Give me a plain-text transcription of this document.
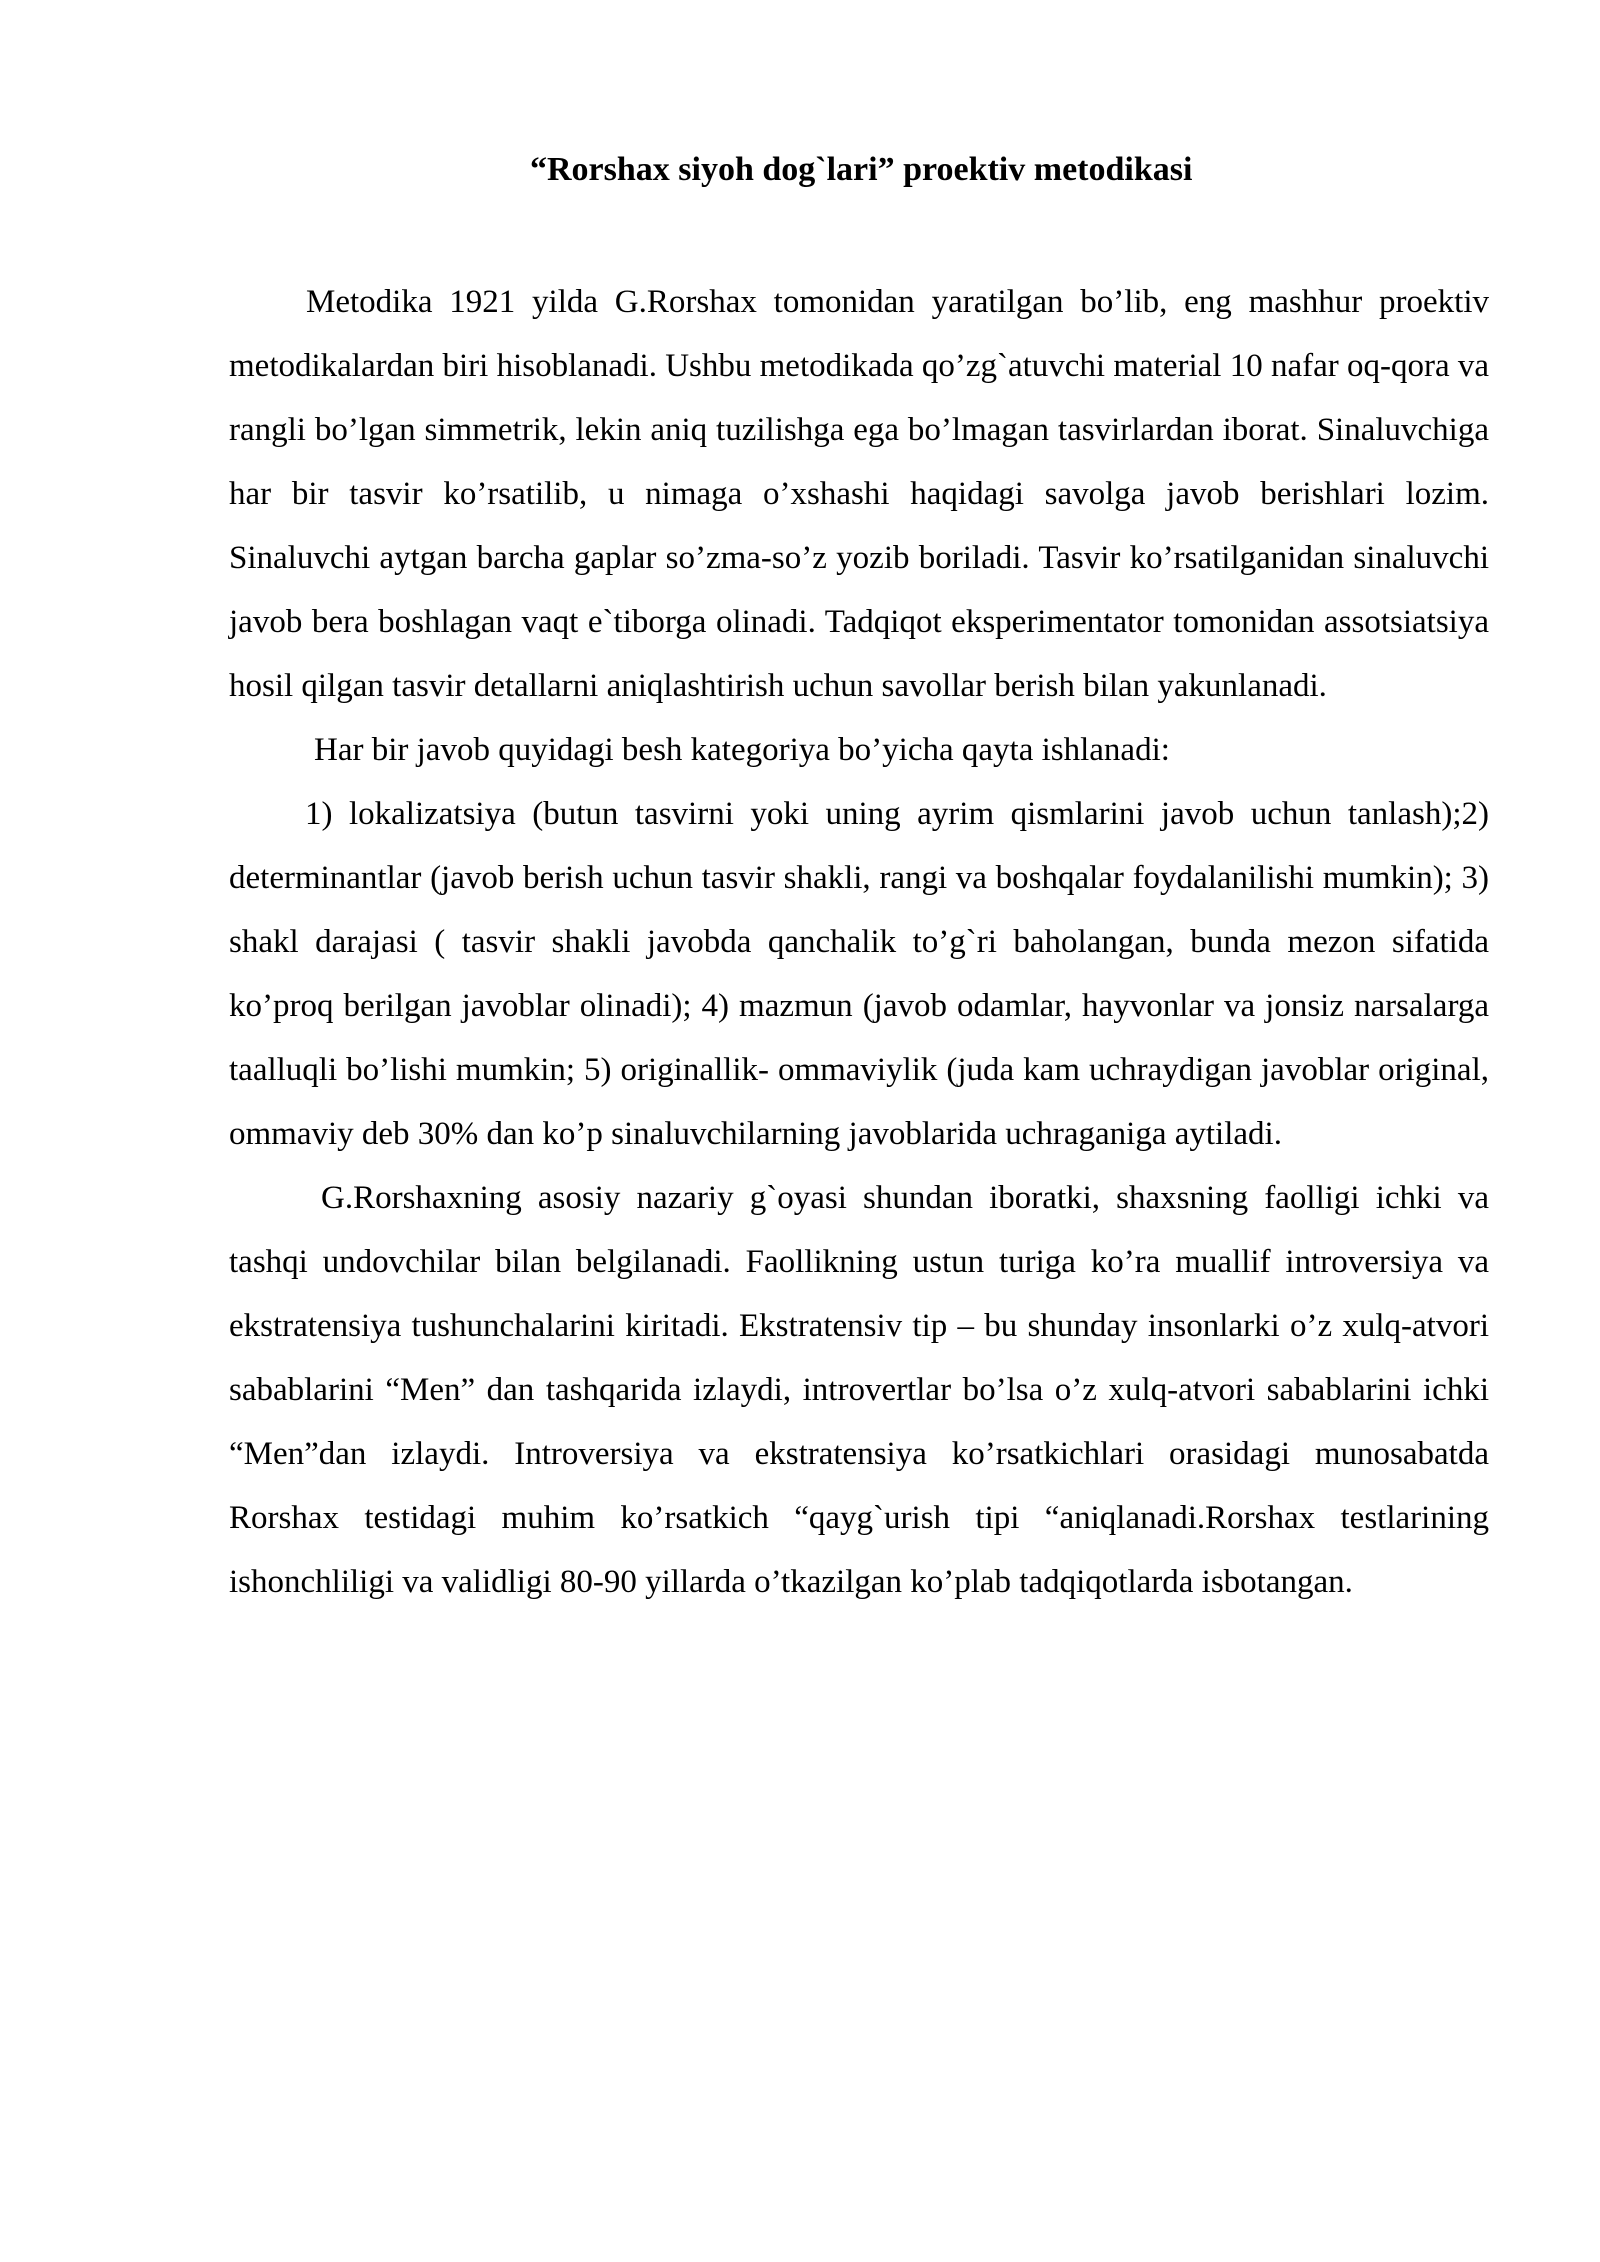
“Rorshax siyoh dog`lari” proektiv metodikasi

Metodika 1921 yilda G.Rorshax tomonidan yaratilgan bo’lib, eng mashhur proektiv metodikalardan biri hisoblanadi. Ushbu metodikada qo’zg`atuvchi material 10 nafar oq-qora va rangli bo’lgan simmetrik, lekin aniq tuzilishga ega bo’lmagan tasvirlardan iborat. Sinaluvchiga har bir tasvir ko’rsatilib, u nimaga o’xshashi haqidagi savolga javob berishlari lozim. Sinaluvchi aytgan barcha gaplar so’zma-so’z yozib boriladi. Tasvir ko’rsatilganidan sinaluvchi javob bera boshlagan vaqt e`tiborga olinadi. Tadqiqot eksperimentator tomonidan assotsiatsiya hosil qilgan tasvir detallarni aniqlashtirish uchun savollar berish bilan yakunlanadi.

Har bir javob quyidagi besh kategoriya bo’yicha qayta ishlanadi:

1) lokalizatsiya (butun tasvirni yoki uning ayrim qismlarini javob uchun tanlash);2) determinantlar (javob berish uchun tasvir shakli, rangi va boshqalar foydalanilishi mumkin); 3) shakl darajasi ( tasvir shakli javobda qanchalik to’g`ri baholangan, bunda mezon sifatida ko’proq berilgan javoblar olinadi); 4) mazmun (javob odamlar, hayvonlar va jonsiz narsalarga taalluqli bo’lishi mumkin; 5) originallik- ommaviylik (juda kam uchraydigan javoblar original, ommaviy deb 30% dan ko’p sinaluvchilarning javoblarida uchraganiga aytiladi.

G.Rorshaxning asosiy nazariy g`oyasi shundan iboratki, shaxsning faolligi ichki va tashqi undovchilar bilan belgilanadi. Faollikning ustun turiga ko’ra muallif introversiya va ekstratensiya tushunchalarini kiritadi. Ekstratensiv tip – bu shunday insonlarki o’z xulq-atvori sabablarini “Men” dan tashqarida izlaydi, introvertlar bo’lsa o’z xulq-atvori sabablarini ichki “Men”dan izlaydi. Introversiya va ekstratensiya ko’rsatkichlari orasidagi munosabatda Rorshax testidagi muhim ko’rsatkich “qayg`urish tipi “aniqlanadi.Rorshax testlarining ishonchliligi va validligi 80-90 yillarda o’tkazilgan ko’plab tadqiqotlarda isbotangan.
